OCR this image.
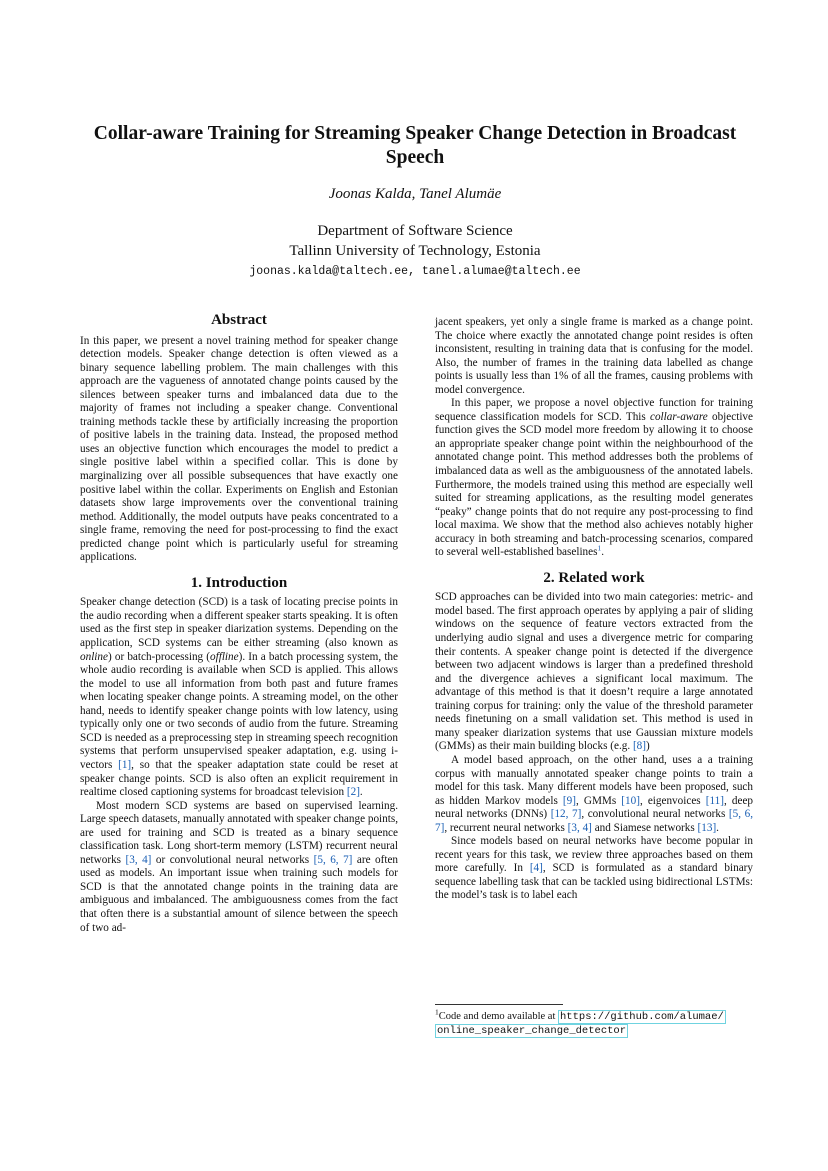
Collar-aware Training for Streaming Speaker Change Detection in Broadcast Speech
Joonas Kalda, Tanel Alumäe
Department of Software Science
Tallinn University of Technology, Estonia
joonas.kalda@taltech.ee, tanel.alumae@taltech.ee
Abstract

In this paper, we present a novel training method for speaker change detection models. Speaker change detection is often viewed as a binary sequence labelling problem. The main challenges with this approach are the vagueness of annotated change points caused by the silences between speaker turns and imbalanced data due to the majority of frames not including a speaker change. Conventional training methods tackle these by artificially increasing the proportion of positive labels in the training data. Instead, the proposed method uses an objective function which encourages the model to predict a single positive label within a specified collar. This is done by marginalizing over all possible subsequences that have exactly one positive label within the collar. Experiments on English and Estonian datasets show large improvements over the conventional training method. Additionally, the model outputs have peaks concentrated to a single frame, removing the need for post-processing to find the exact predicted change point which is particularly useful for streaming applications.

1. Introduction

Speaker change detection (SCD) is a task of locating precise points in the audio recording when a different speaker starts speaking. It is often used as the first step in speaker diarization systems. Depending on the application, SCD systems can be either streaming (also known as online) or batch-processing (offline). In a batch processing system, the whole audio recording is available when SCD is applied. This allows the model to use all information from both past and future frames when locating speaker change points. A streaming model, on the other hand, needs to identify speaker change points with low latency, using typically only one or two seconds of audio from the future. Streaming SCD is needed as a preprocessing step in streaming speech recognition systems that perform unsupervised speaker adaptation, e.g. using i-vectors [1], so that the speaker adaptation state could be reset at speaker change points. SCD is also often an explicit requirement in realtime closed captioning systems for broadcast television [2].

Most modern SCD systems are based on supervised learning. Large speech datasets, manually annotated with speaker change points, are used for training and SCD is treated as a binary sequence classification task. Long short-term memory (LSTM) recurrent neural networks [3, 4] or convolutional neural networks [5, 6, 7] are often used as models. An important issue when training such models for SCD is that the annotated change points in the training data are ambiguous and imbalanced. The ambiguousness comes from the fact that often there is a substantial amount of silence between the speech of two ad-

jacent speakers, yet only a single frame is marked as a change point. The choice where exactly the annotated change point resides is often inconsistent, resulting in training data that is confusing for the model. Also, the number of frames in the training data labelled as change points is usually less than 1% of all the frames, causing problems with model convergence.

In this paper, we propose a novel objective function for training sequence classification models for SCD. This collar-aware objective function gives the SCD model more freedom by allowing it to choose an appropriate speaker change point within the neighbourhood of the annotated change point. This method addresses both the problems of imbalanced data as well as the ambiguousness of the annotated labels. Furthermore, the models trained using this method are especially well suited for streaming applications, as the resulting model generates “peaky” change points that do not require any post-processing to find local maxima. We show that the method also achieves notably higher accuracy in both streaming and batch-processing scenarios, compared to several well-established baselines$^1$.

2. Related work

SCD approaches can be divided into two main categories: metric- and model based. The first approach operates by applying a pair of sliding windows on the sequence of feature vectors extracted from the underlying audio signal and uses a divergence metric for comparing their contents. A speaker change point is detected if the divergence between two adjacent windows is larger than a predefined threshold and the divergence achieves a significant local maximum. The advantage of this method is that it doesn’t require a large annotated training corpus for training: only the value of the threshold parameter needs finetuning on a small validation set. This method is used in many speaker diarization systems that use Gaussian mixture models (GMMs) as their main building blocks (e.g. [8])

A model based approach, on the other hand, uses a a training corpus with manually annotated speaker change points to train a model for this task. Many different models have been proposed, such as hidden Markov models [9], GMMs [10], eigenvoices [11], deep neural networks (DNNs) [12, 7], convolutional neural networks [5, 6, 7], recurrent neural networks [3, 4] and Siamese networks [13].

Since models based on neural networks have become popular in recent years for this task, we review three approaches based on them more carefully. In [4], SCD is formulated as a standard binary sequence labelling task that can be tackled using bidirectional LSTMs: the model’s task is to label each

$^1$Code and demo available at https://github.com/alumae/
online_speaker_change_detector
